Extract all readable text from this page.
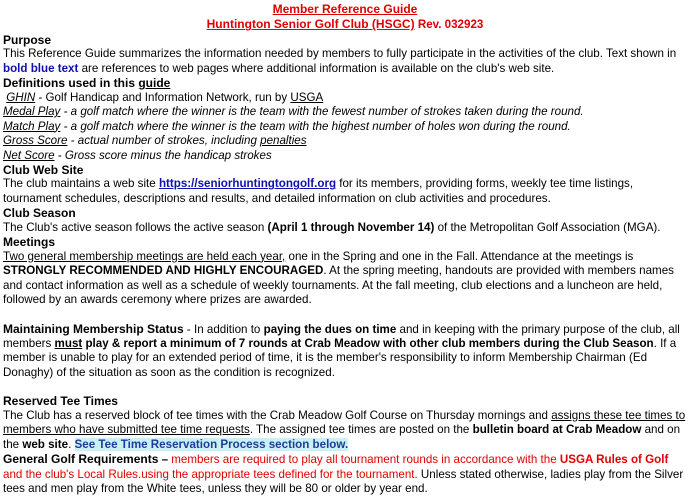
Member Reference Guide

Huntington Senior Golf Club (HSGC) Rev. 032923

Purpose

This Reference Guide summarizes the information needed by members to fully participate in the activities of the club. Text shown in bold blue text are references to web pages where additional information is available on the club's web site.

Definitions used in this guide

GHIN - Golf Handicap and Information Network, run by USGA

Medal Play - a golf match where the winner is the team with the fewest number of strokes taken during the round.

Match Play - a golf match where the winner is the team with the highest number of holes won during the round.

Gross Score - actual number of strokes, including penalties

Net Score - Gross score minus the handicap strokes

Club Web Site

The club maintains a web site https://seniorhuntingtongolf.org for its members, providing forms, weekly tee time listings, tournament schedules, descriptions and results, and detailed information on club activities and procedures.

Club Season

The Club's active season follows the active season (April 1 through November 14) of the Metropolitan Golf Association (MGA).

Meetings

Two general membership meetings are held each year, one in the Spring and one in the Fall. Attendance at the meetings is STRONGLY RECOMMENDED AND HIGHLY ENCOURAGED. At the spring meeting, handouts are provided with members names and contact information as well as a schedule of weekly tournaments. At the fall meeting, club elections and a luncheon are held, followed by an awards ceremony where prizes are awarded.

Maintaining Membership Status - In addition to paying the dues on time and in keeping with the primary purpose of the club, all members must play & report a minimum of 7 rounds at Crab Meadow with other club members during the Club Season. If a member is unable to play for an extended period of time, it is the member's responsibility to inform Membership Chairman (Ed Donaghy) of the situation as soon as the condition is recognized.

Reserved Tee Times

The Club has a reserved block of tee times with the Crab Meadow Golf Course on Thursday mornings and assigns these tee times to members who have submitted tee time requests. The assigned tee times are posted on the bulletin board at Crab Meadow and on the web site. See Tee Time Reservation Process section below.

General Golf Requirements – members are required to play all tournament rounds in accordance with the USGA Rules of Golf and the club's Local Rules.using the appropriate tees defined for the tournament. Unless stated otherwise, ladies play from the Silver tees and men play from the White tees, unless they will be 80 or older by year end.
